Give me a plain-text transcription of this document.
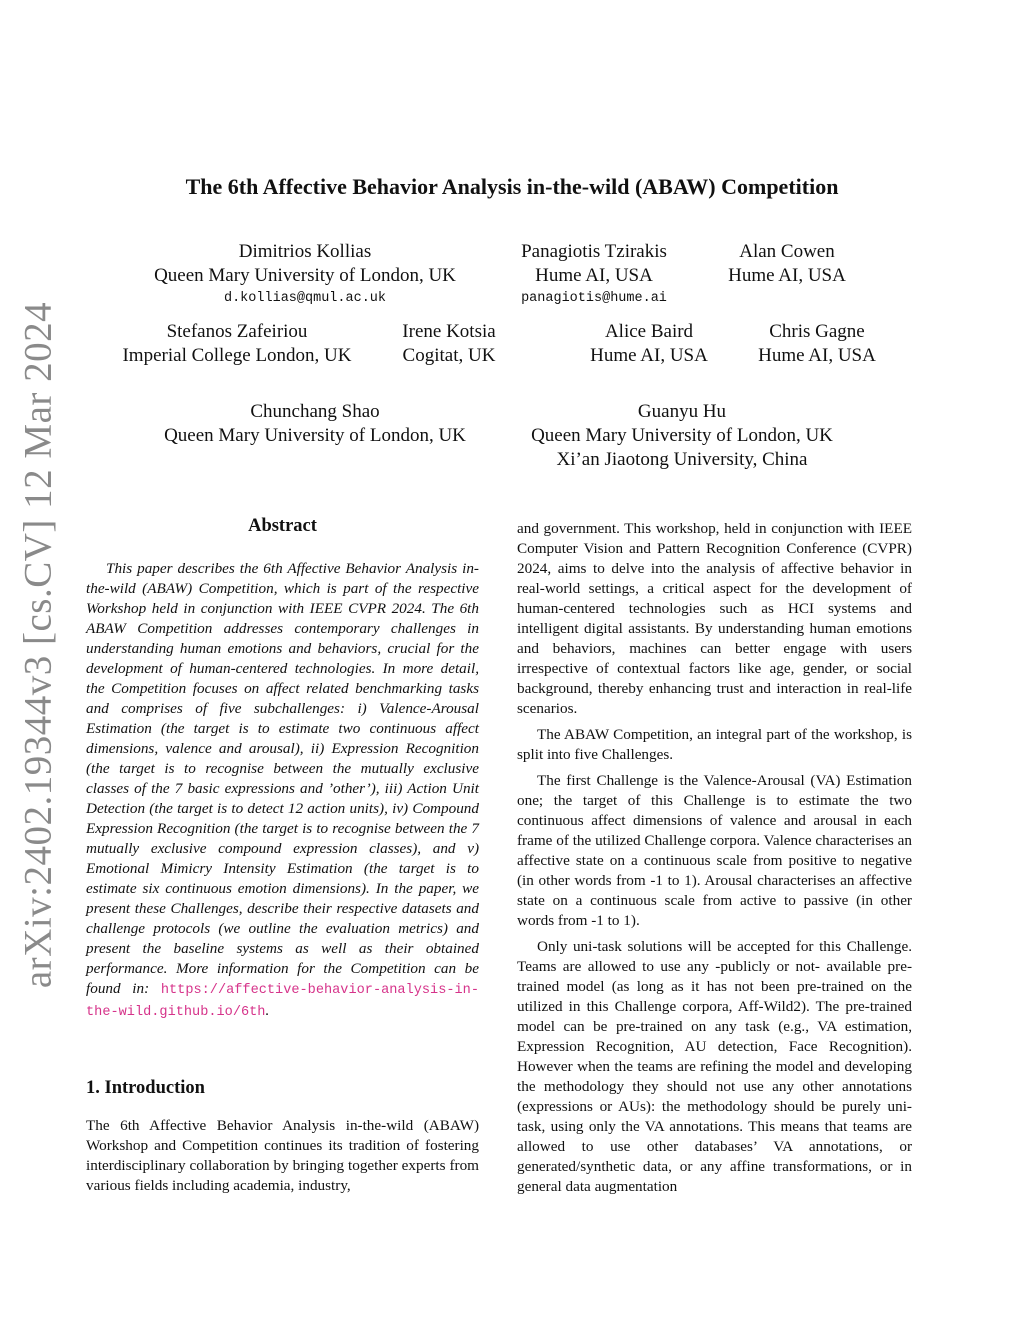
arXiv:2402.19344v3 [cs.CV] 12 Mar 2024
The 6th Affective Behavior Analysis in-the-wild (ABAW) Competition
Dimitrios Kollias
Queen Mary University of London, UK
d.kollias@qmul.ac.uk
Panagiotis Tzirakis
Hume AI, USA
panagiotis@hume.ai
Alan Cowen
Hume AI, USA
Stefanos Zafeiriou
Imperial College London, UK
Irene Kotsia
Cogitat, UK
Alice Baird
Hume AI, USA
Chris Gagne
Hume AI, USA
Chunchang Shao
Queen Mary University of London, UK
Guanyu Hu
Queen Mary University of London, UK
Xi’an Jiaotong University, China
Abstract
This paper describes the 6th Affective Behavior Analysis in-the-wild (ABAW) Competition, which is part of the respective Workshop held in conjunction with IEEE CVPR 2024. The 6th ABAW Competition addresses contemporary challenges in understanding human emotions and behaviors, crucial for the development of human-centered technologies. In more detail, the Competition focuses on affect related benchmarking tasks and comprises of five subchallenges: i) Valence-Arousal Estimation (the target is to estimate two continuous affect dimensions, valence and arousal), ii) Expression Recognition (the target is to recognise between the mutually exclusive classes of the 7 basic expressions and ’other’), iii) Action Unit Detection (the target is to detect 12 action units), iv) Compound Expression Recognition (the target is to recognise between the 7 mutually exclusive compound expression classes), and v) Emotional Mimicry Intensity Estimation (the target is to estimate six continuous emotion dimensions). In the paper, we present these Challenges, describe their respective datasets and challenge protocols (we outline the evaluation metrics) and present the baseline systems as well as their obtained performance. More information for the Competition can be found in: https://affective-behavior-analysis-in-the-wild.github.io/6th.
1. Introduction

The 6th Affective Behavior Analysis in-the-wild (ABAW) Workshop and Competition continues its tradition of fostering interdisciplinary collaboration by bringing together experts from various fields including academia, industry,

and government. This workshop, held in conjunction with IEEE Computer Vision and Pattern Recognition Conference (CVPR) 2024, aims to delve into the analysis of affective behavior in real-world settings, a critical aspect for the development of human-centered technologies such as HCI systems and intelligent digital assistants. By understanding human emotions and behaviors, machines can better engage with users irrespective of contextual factors like age, gender, or social background, thereby enhancing trust and interaction in real-life scenarios.

The ABAW Competition, an integral part of the workshop, is split into five Challenges.

The first Challenge is the Valence-Arousal (VA) Estimation one; the target of this Challenge is to estimate the two continuous affect dimensions of valence and arousal in each frame of the utilized Challenge corpora. Valence characterises an affective state on a continuous scale from positive to negative (in other words from -1 to 1). Arousal characterises an affective state on a continuous scale from active to passive (in other words from -1 to 1).

Only uni-task solutions will be accepted for this Challenge. Teams are allowed to use any -publicly or not- available pre-trained model (as long as it has not been pre-trained on the utilized in this Challenge corpora, Aff-Wild2). The pre-trained model can be pre-trained on any task (e.g., VA estimation, Expression Recognition, AU detection, Face Recognition). However when the teams are refining the model and developing the methodology they should not use any other annotations (expressions or AUs): the methodology should be purely uni-task, using only the VA annotations. This means that teams are allowed to use other databases’ VA annotations, or generated/synthetic data, or any affine transformations, or in general data augmentation
